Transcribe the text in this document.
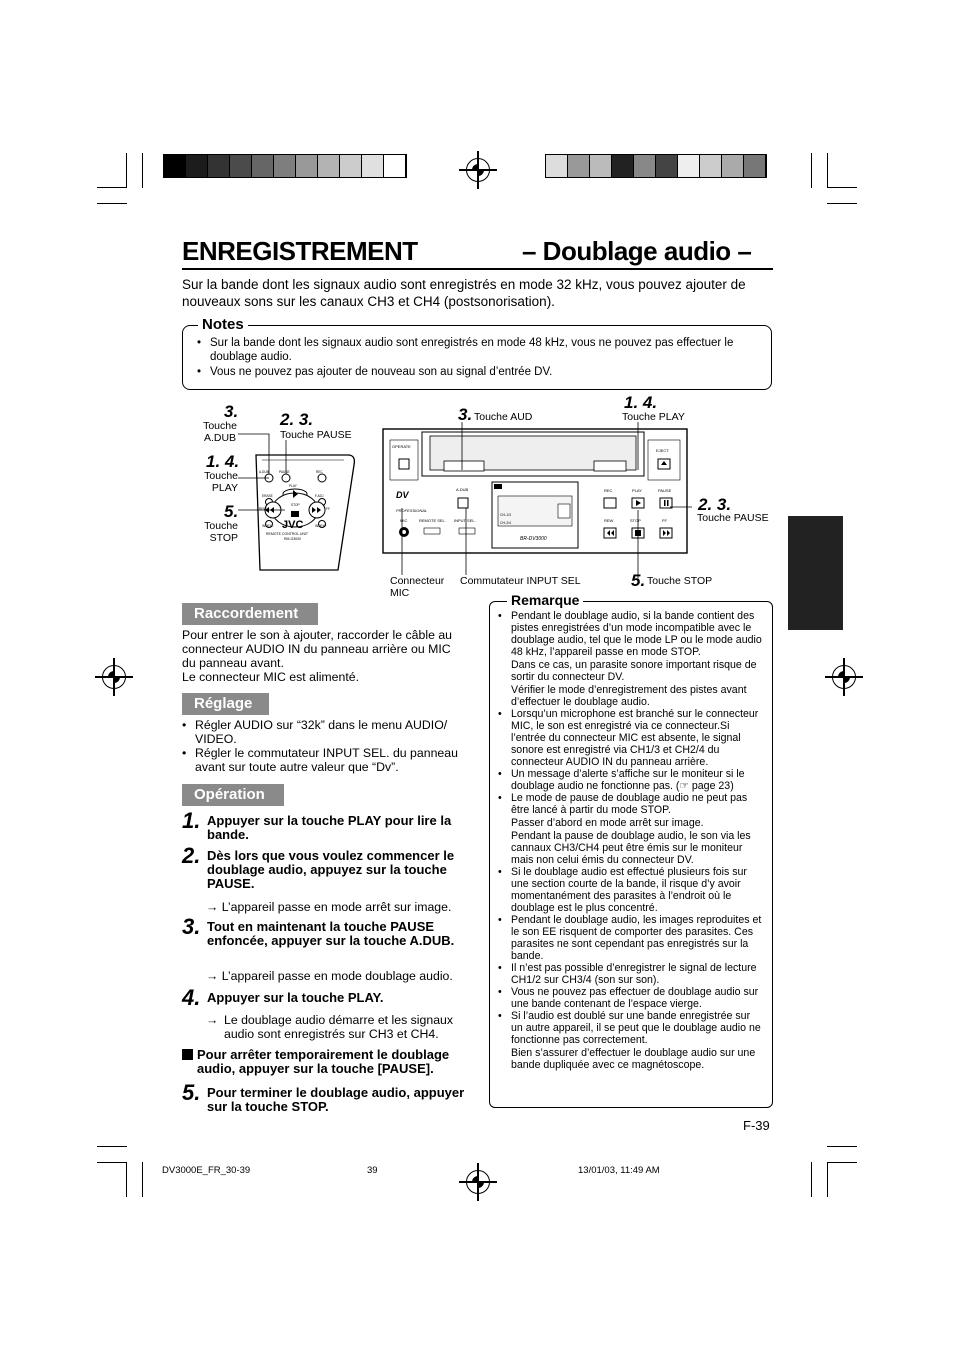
ENREGISTREMENT	– Doublage audio –
Sur la bande dont les signaux audio sont enregistrés en mode 32 kHz, vous pouvez ajouter de nouveaux sons sur les canaux CH3 et CH4 (postsonorisation).
• Sur la bande dont les signaux audio sont enregistrés en mode 48 kHz, vous ne pouvez pas effectuer le doublage audio.
• Vous ne pouvez pas ajouter de nouveau son au signal d’entrée DV.
Notes
JVC
REMOTE CONTROL UNIT
RM-G3000
A.DUB	PAUSE	REC
ERASE	F.ADJ
PLAY
REW	FF
STOP
INDEX–	INDEX+
3.
Touche A.DUB
2. 3.
Touche PAUSE
1. 4.
Touche PLAY
5.
Touche STOP
OPERATE
EJECT
DV
PROFESSIONAL
MIC	REMOTE SEL. INPUT SEL.
A.DUB
CH-1/3
CH-2/4
BR-DV3000
REC	PLAY	PAUSE
REW	STOP	FF
3. Touche AUD
1. 4.
Touche PLAY
2. 3.
Touche PAUSE
5. Touche STOP
Connecteur MIC
Commutateur INPUT SEL
Raccordement
Pour entrer le son à ajouter, raccorder le câble au connecteur AUDIO IN du panneau arrière ou MIC du panneau avant.
Le connecteur MIC est alimenté.
Réglage
• Régler AUDIO sur “32k” dans le menu AUDIO/ VIDEO.
• Régler le commutateur INPUT SEL. du panneau avant sur toute autre valeur que “Dv”.
Opération
1. Appuyer sur la touche PLAY pour lire la bande.
2. Dès lors que vous voulez commencer le doublage audio, appuyez sur la touche PAUSE.
→ L’appareil passe en mode arrêt sur image.
3. Tout en maintenant la touche PAUSE enfoncée, appuyer sur la touche A.DUB.
→ L’appareil passe en mode doublage audio.
4. Appuyer sur la touche PLAY.
→ Le doublage audio démarre et les signaux audio sont enregistrés sur CH3 et CH4.
Pour arrêter temporairement le doublage audio, appuyer sur la touche [PAUSE].
5. Pour terminer le doublage audio, appuyer sur la touche STOP.
Remarque

• Pendant le doublage audio, si la bande contient des pistes enregistrées d’un mode incompatible avec le doublage audio, tel que le mode LP ou le mode audio 48 kHz, l’appareil passe en mode STOP.

Dans ce cas, un parasite sonore important risque de sortir du connecteur DV.

Vérifier le mode d’enregistrement des pistes avant d’effectuer le doublage audio.

• Lorsqu’un microphone est branché sur le connecteur MIC, le son est enregistré via ce connecteur.Si l’entrée du connecteur MIC est absente, le signal sonore est enregistré via CH1/3 et CH2/4 du connecteur AUDIO IN du panneau arrière.

• Un message d’alerte s’affiche sur le moniteur si le doublage audio ne fonctionne pas. (☞ page 23)

• Le mode de pause de doublage audio ne peut pas être lancé à partir du mode STOP.

Passer d’abord en mode arrêt sur image.

Pendant la pause de doublage audio, le son via les cannaux CH3/CH4 peut être émis sur le moniteur mais non celui émis du connecteur DV.

• Si le doublage audio est effectué plusieurs fois sur une section courte de la bande, il risque d’y avoir momentanément des parasites à l’endroit où le doublage est le plus concentré.

• Pendant le doublage audio, les images reproduites et le son EE risquent de comporter des parasites. Ces parasites ne sont cependant pas enregistrés sur la bande.

• Il n’est pas possible d’enregistrer le signal de lecture CH1/2 sur CH3/4 (son sur son).

• Vous ne pouvez pas effectuer de doublage audio sur une bande contenant de l’espace vierge.

• Si l’audio est doublé sur une bande enregistrée sur un autre appareil, il se peut que le doublage audio ne fonctionne pas correctement.

Bien s’assurer d’effectuer le doublage audio sur une bande dupliquée avec ce magnétoscope.

F-39
DV3000E_FR_30-39	39	13/01/03, 11:49 AM
